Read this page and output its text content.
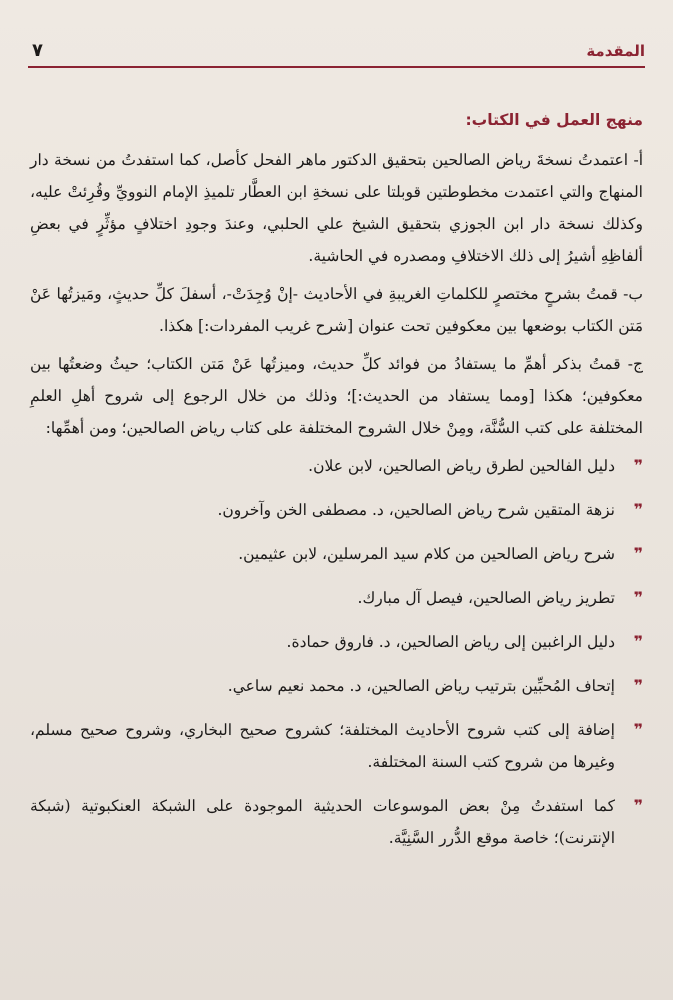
المقدمة
٧
منهج العمل في الكتاب:

أ- اعتمدتُ نسخةَ رياض الصالحين بتحقيق الدكتور ماهر الفحل كأصل، كما استفدتُ من نسخة دار المنهاج والتي اعتمدت مخطوطتين قوبلتا على نسخةِ ابن العطَّار تلميذِ الإمام النوويِّ وقُرِئتْ عليه، وكذلك نسخة دار ابن الجوزي بتحقيق الشيخ علي الحلبي، وعندَ وجودِ اختلافٍ مؤثِّرٍ في بعضِ ألفاظِهِ أشيرُ إلى ذلك الاختلافِ ومصدره في الحاشية.

ب- قمتُ بشرحٍ مختصرٍ للكلماتِ الغريبةِ في الأحاديث -إنْ وُجِدَتْ-، أسفلَ كلِّ حديثٍ، ومَيزتُها عَنْ مَتن الكتاب بوضعها بين معكوفين تحت عنوان [شرح غريب المفردات:] هكذا.

ج- قمتُ بذكر أهمِّ ما يستفادُ من فوائد كلِّ حديث، وميزتُها عَنْ مَتن الكتاب؛ حيثُ وضعتُها بين معكوفين؛ هكذا [ومما يستفاد من الحديث:]؛ وذلك من خلال الرجوع إلى شروح أهلِ العلمِ المختلفة على كتب السُّنَّة، ومِنْ خلال الشروح المختلفة على كتاب رياض الصالحين؛ ومن أهمِّها:

❞
دليل الفالحين لطرق رياض الصالحين، لابن علان.
❞
نزهة المتقين شرح رياض الصالحين، د. مصطفى الخن وآخرون.
❞
شرح رياض الصالحين من كلام سيد المرسلين، لابن عثيمين.
❞
تطريز رياض الصالحين، فيصل آل مبارك.
❞
دليل الراغبين إلى رياض الصالحين، د. فاروق حمادة.
❞
إتحاف المُحبِّين بترتيب رياض الصالحين، د. محمد نعيم ساعي.
❞
إضافة إلى كتب شروح الأحاديث المختلفة؛ كشروح صحيح البخاري، وشروح صحيح مسلم، وغيرها من شروح كتب السنة المختلفة.
❞
كما استفدتُ مِنْ بعض الموسوعات الحديثية الموجودة على الشبكة العنكبوتية (شبكة الإنترنت)؛ خاصة موقع الدُّرر السَّنِيَّة.
